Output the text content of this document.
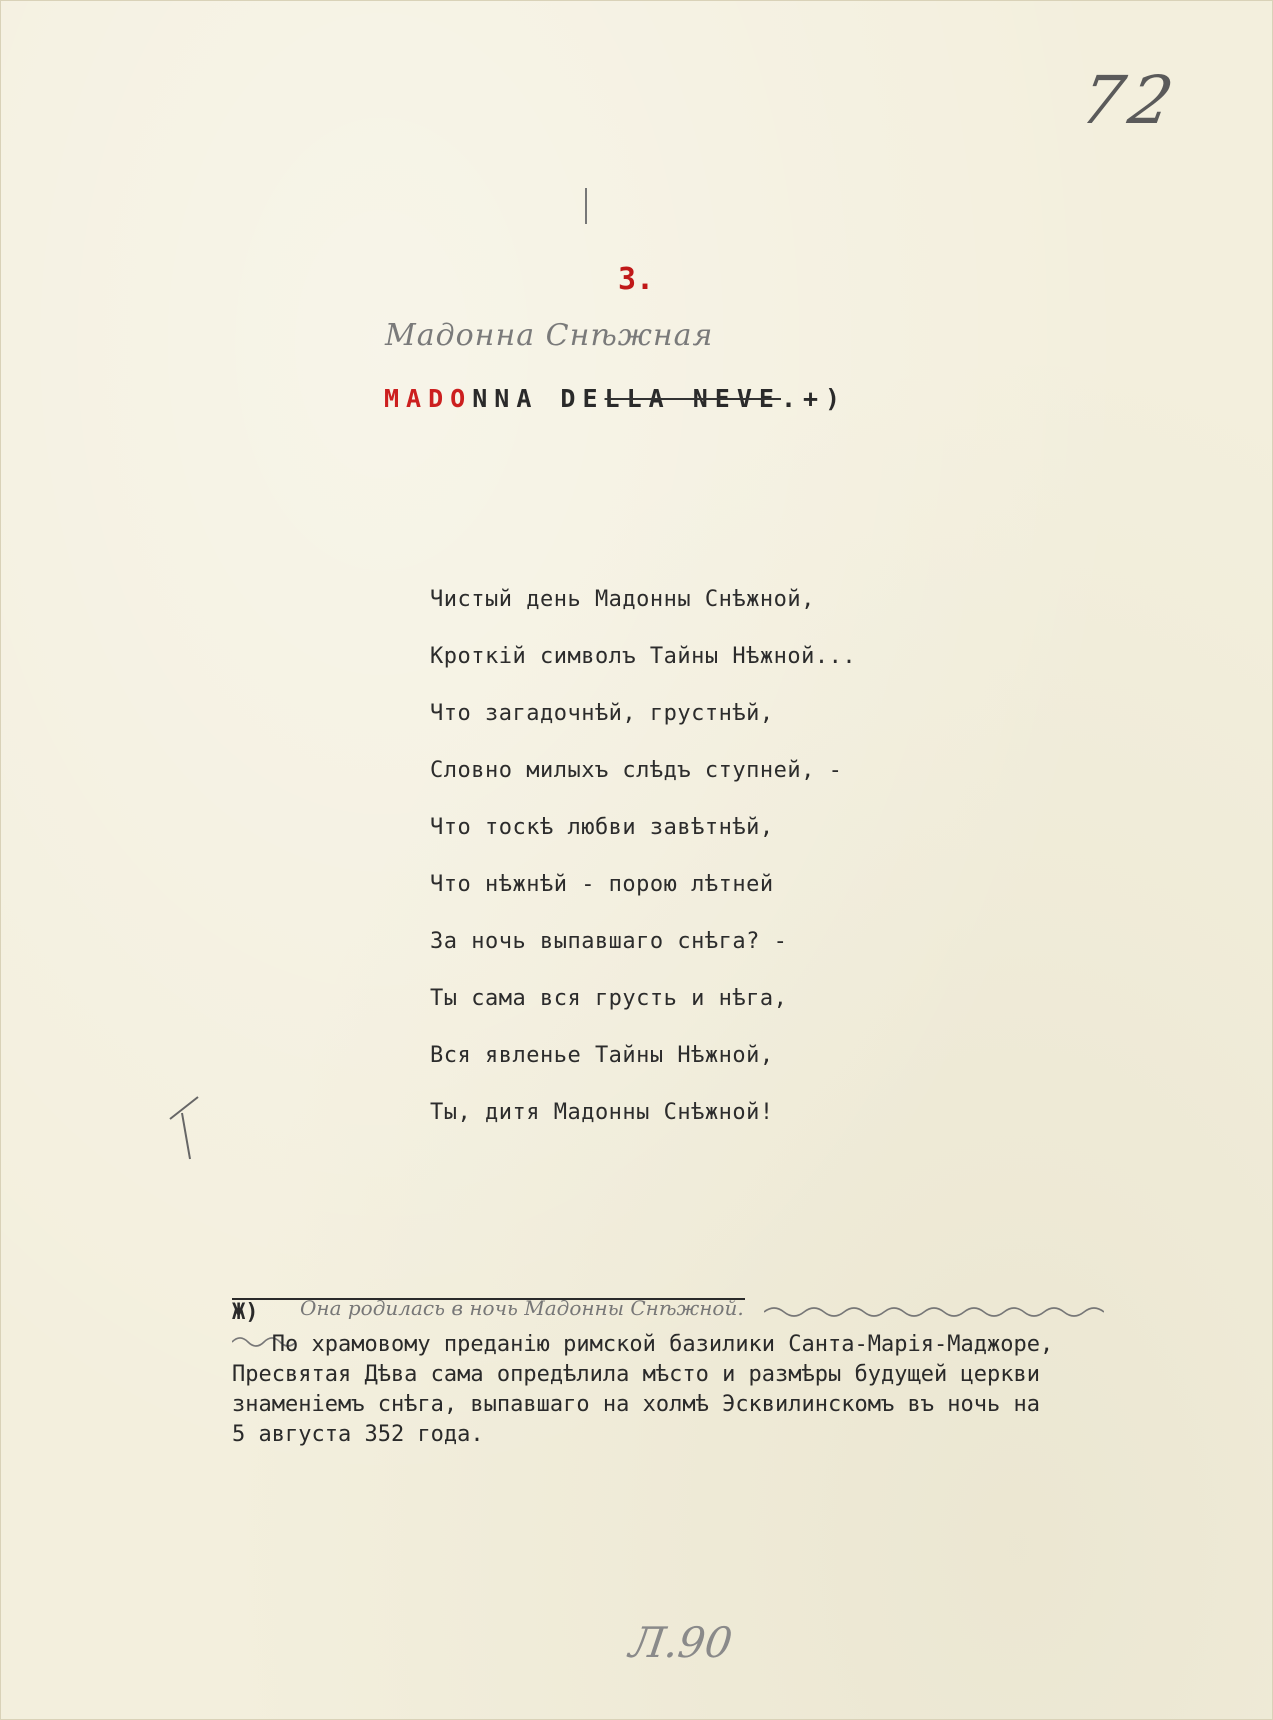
72
3.
Мадонна Снѣжная
MADONNA DELLA NEVE.+)
Чистый день Мадонны Снѣжной,
Кроткій символъ Тайны Нѣжной...
Что загадочнѣй, грустнѣй,
Словно милыхъ слѣдъ ступней, -
Что тоскѣ любви завѣтнѣй,
Что нѣжнѣй - порою лѣтней
За ночь выпавшаго снѣга? -
Ты сама вся грусть и нѣга,
Вся явленье Тайны Нѣжной,
Ты, дитя Мадонны Снѣжной!
Ж) Она родилась в ночь Мадонны Снѣжной.
По храмовому преданію римской базилики Санта-Марія-Маджоре,
Пресвятая Дѣва сама опредѣлила мѣсто и размѣры будущей церкви
знаменіемъ снѣга, выпавшаго на холмѣ Эсквилинскомъ въ ночь на
5 августа 352 года.
Л.90
